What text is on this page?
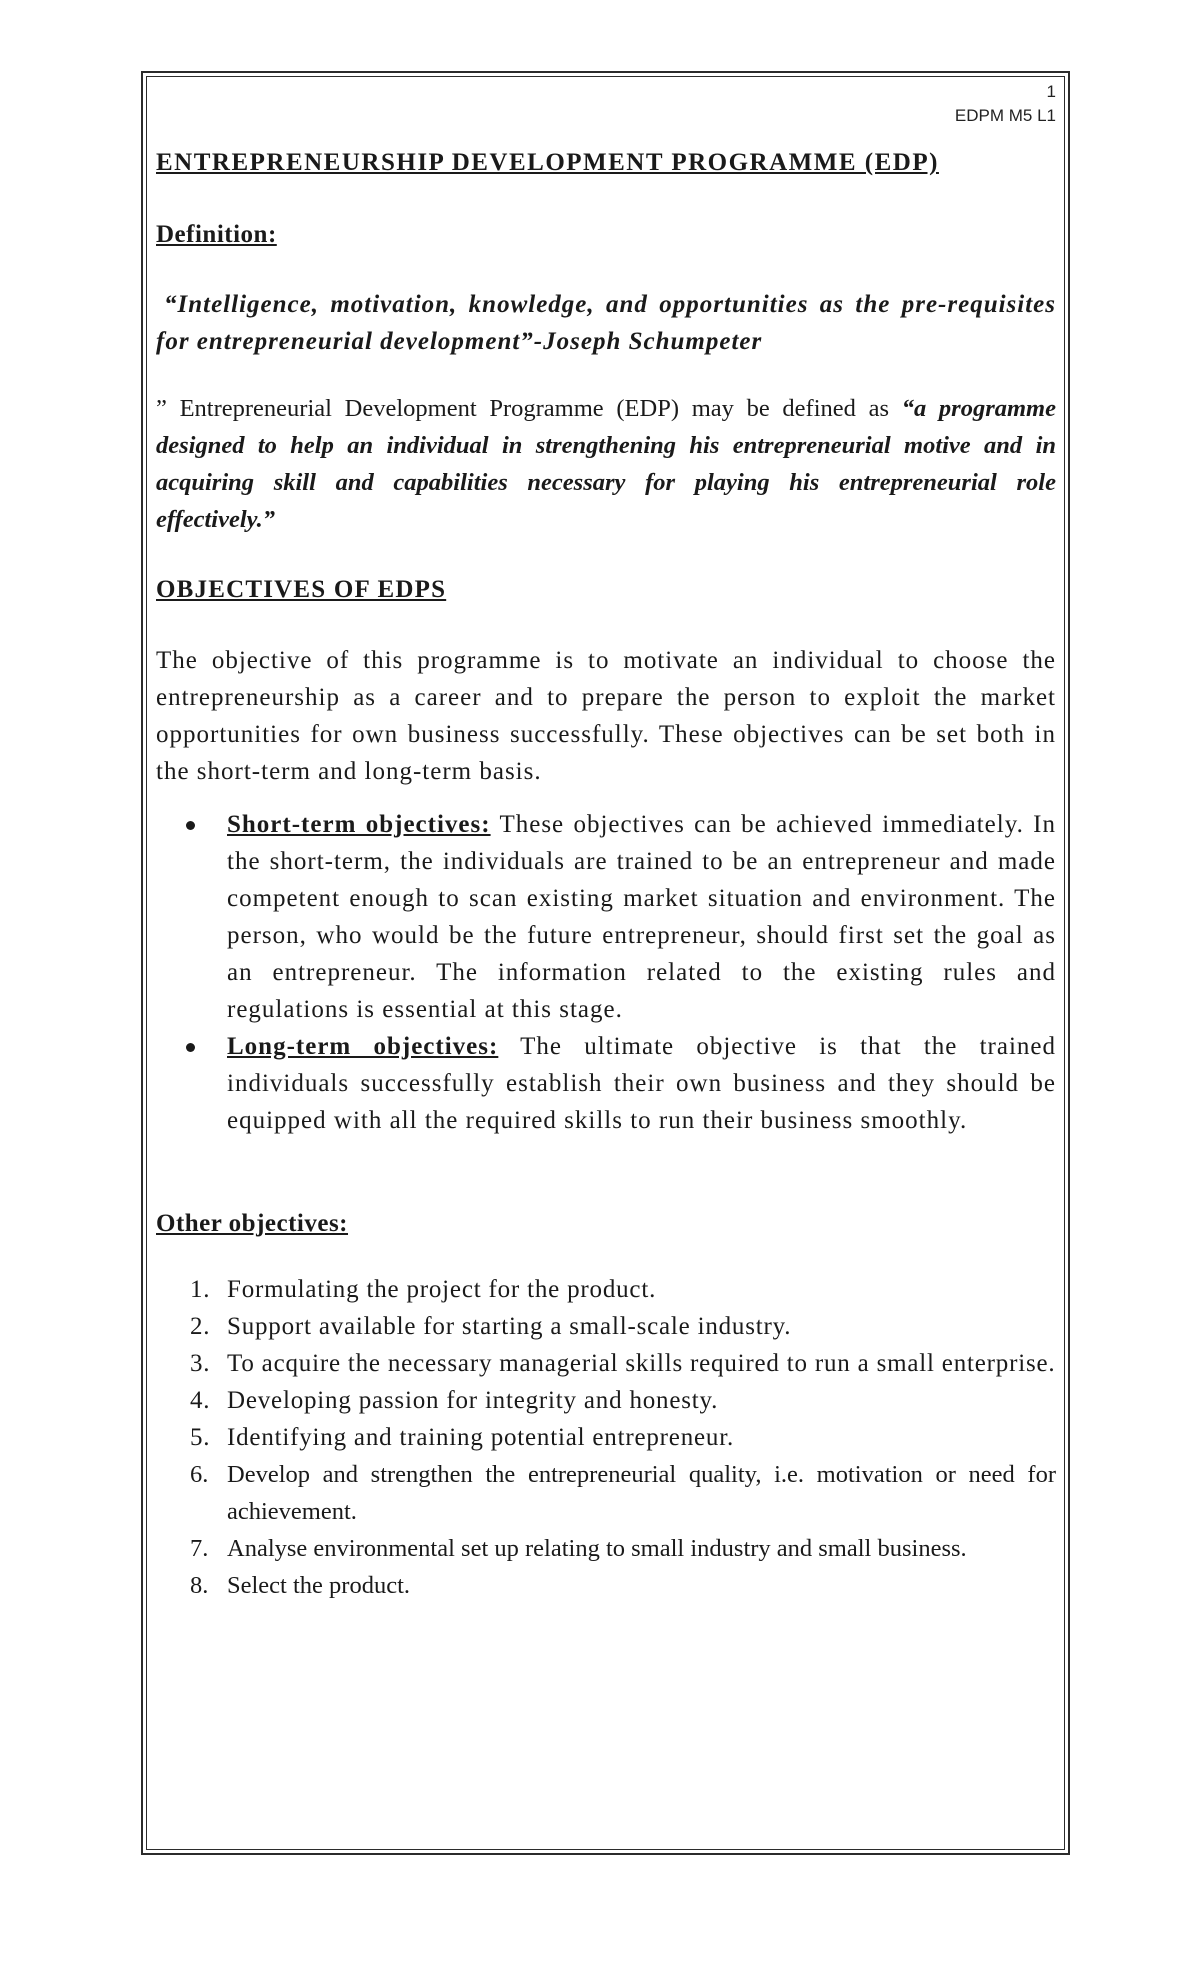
1
EDPM M5 L1
ENTREPRENEURSHIP DEVELOPMENT PROGRAMME (EDP)
Definition:
“Intelligence, motivation, knowledge, and opportunities as the pre-requisites for entrepreneurial development”-Joseph Schumpeter
” Entrepreneurial Development Programme (EDP) may be defined as “a programme designed to help an individual in strengthening his entrepreneurial motive and in acquiring skill and capabilities necessary for playing his entrepreneurial role effectively.”
OBJECTIVES OF EDPS
The objective of this programme is to motivate an individual to choose the entrepreneurship as a career and to prepare the person to exploit the market opportunities for own business successfully. These objectives can be set both in the short-term and long-term basis.
Short-term objectives: These objectives can be achieved immediately. In the short-term, the individuals are trained to be an entrepreneur and made competent enough to scan existing market situation and environment. The person, who would be the future entrepreneur, should first set the goal as an entrepreneur. The information related to the existing rules and regulations is essential at this stage.
Long-term objectives: The ultimate objective is that the trained individuals successfully establish their own business and they should be equipped with all the required skills to run their business smoothly.
Other objectives:
1. Formulating the project for the product.
2. Support available for starting a small-scale industry.
3. To acquire the necessary managerial skills required to run a small enterprise.
4. Developing passion for integrity and honesty.
5. Identifying and training potential entrepreneur.
6. Develop and strengthen the entrepreneurial quality, i.e. motivation or need for achievement.
7. Analyse environmental set up relating to small industry and small business.
8. Select the product.
